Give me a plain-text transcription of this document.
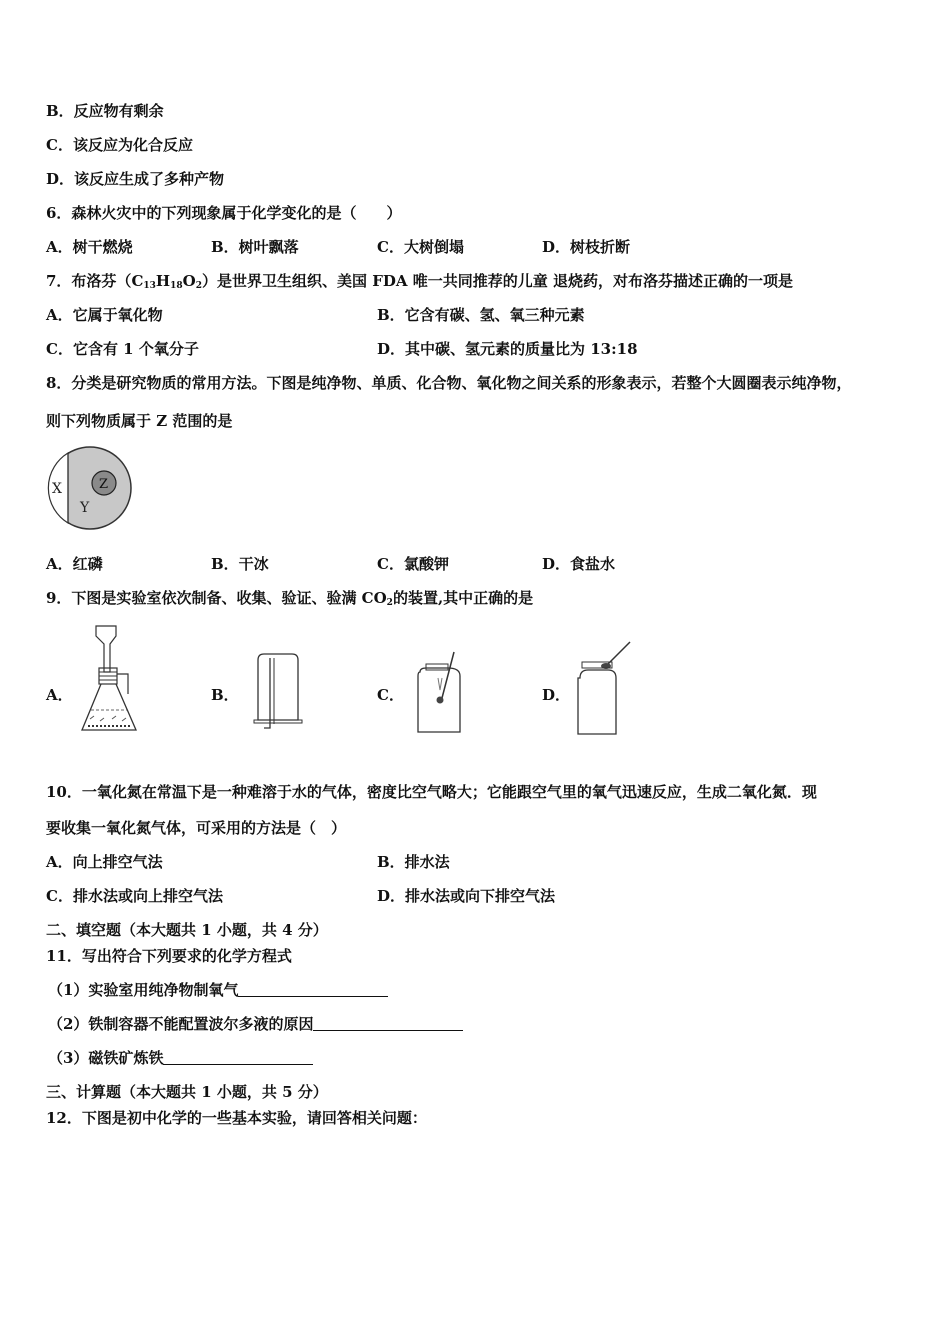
B．反应物有剩余
C．该反应为化合反应
D．该反应生成了多种产物
6．森林火灾中的下列现象属于化学变化的是（　　）
A．树干燃烧	B．树叶飘落	C．大树倒塌	D．树枝折断
7．布洛芬$(C_{13}H_{18}O_2)$是世界卫生组织、美国 FDA 唯一共同推荐的儿童 退烧药，对布洛芬描述正确的一项是
A．它属于氧化物	B．它含有碳、氢、氧三种元素
C．它含有 1 个氧分子	D．其中碳、氢元素的质量比为 13:18
8．分类是研究物质的常用方法。下图是纯净物、单质、化合物、氧化物之间关系的形象表示，若整个大圆圈表示纯净物，
则下列物质属于 Z 范围的是
X
Y
Z
A．红磷	B．干冰	C．氯酸钾	D．食盐水
9．下图是实验室依次制备、收集、验证、验满 $CO_2$的装置,其中正确的是
A．	B．	C．	D．
10．一氧化氮在常温下是一种难溶于水的气体，密度比空气略大；它能跟空气里的氧气迅速反应，生成二氧化氮．现
要收集一氧化氮气体，可采用的方法是（　）
A．向上排空气法	B．排水法
C．排水法或向上排空气法	D．排水法或向下排空气法
二、填空题（本大题共 1 小题，共 4 分）
11．写出符合下列要求的化学方程式
（1）实验室用纯净物制氧气
（2）铁制容器不能配置波尔多液的原因
（3）磁铁矿炼铁
三、计算题（本大题共 1 小题，共 5 分）
12．下图是初中化学的一些基本实验，请回答相关问题：
